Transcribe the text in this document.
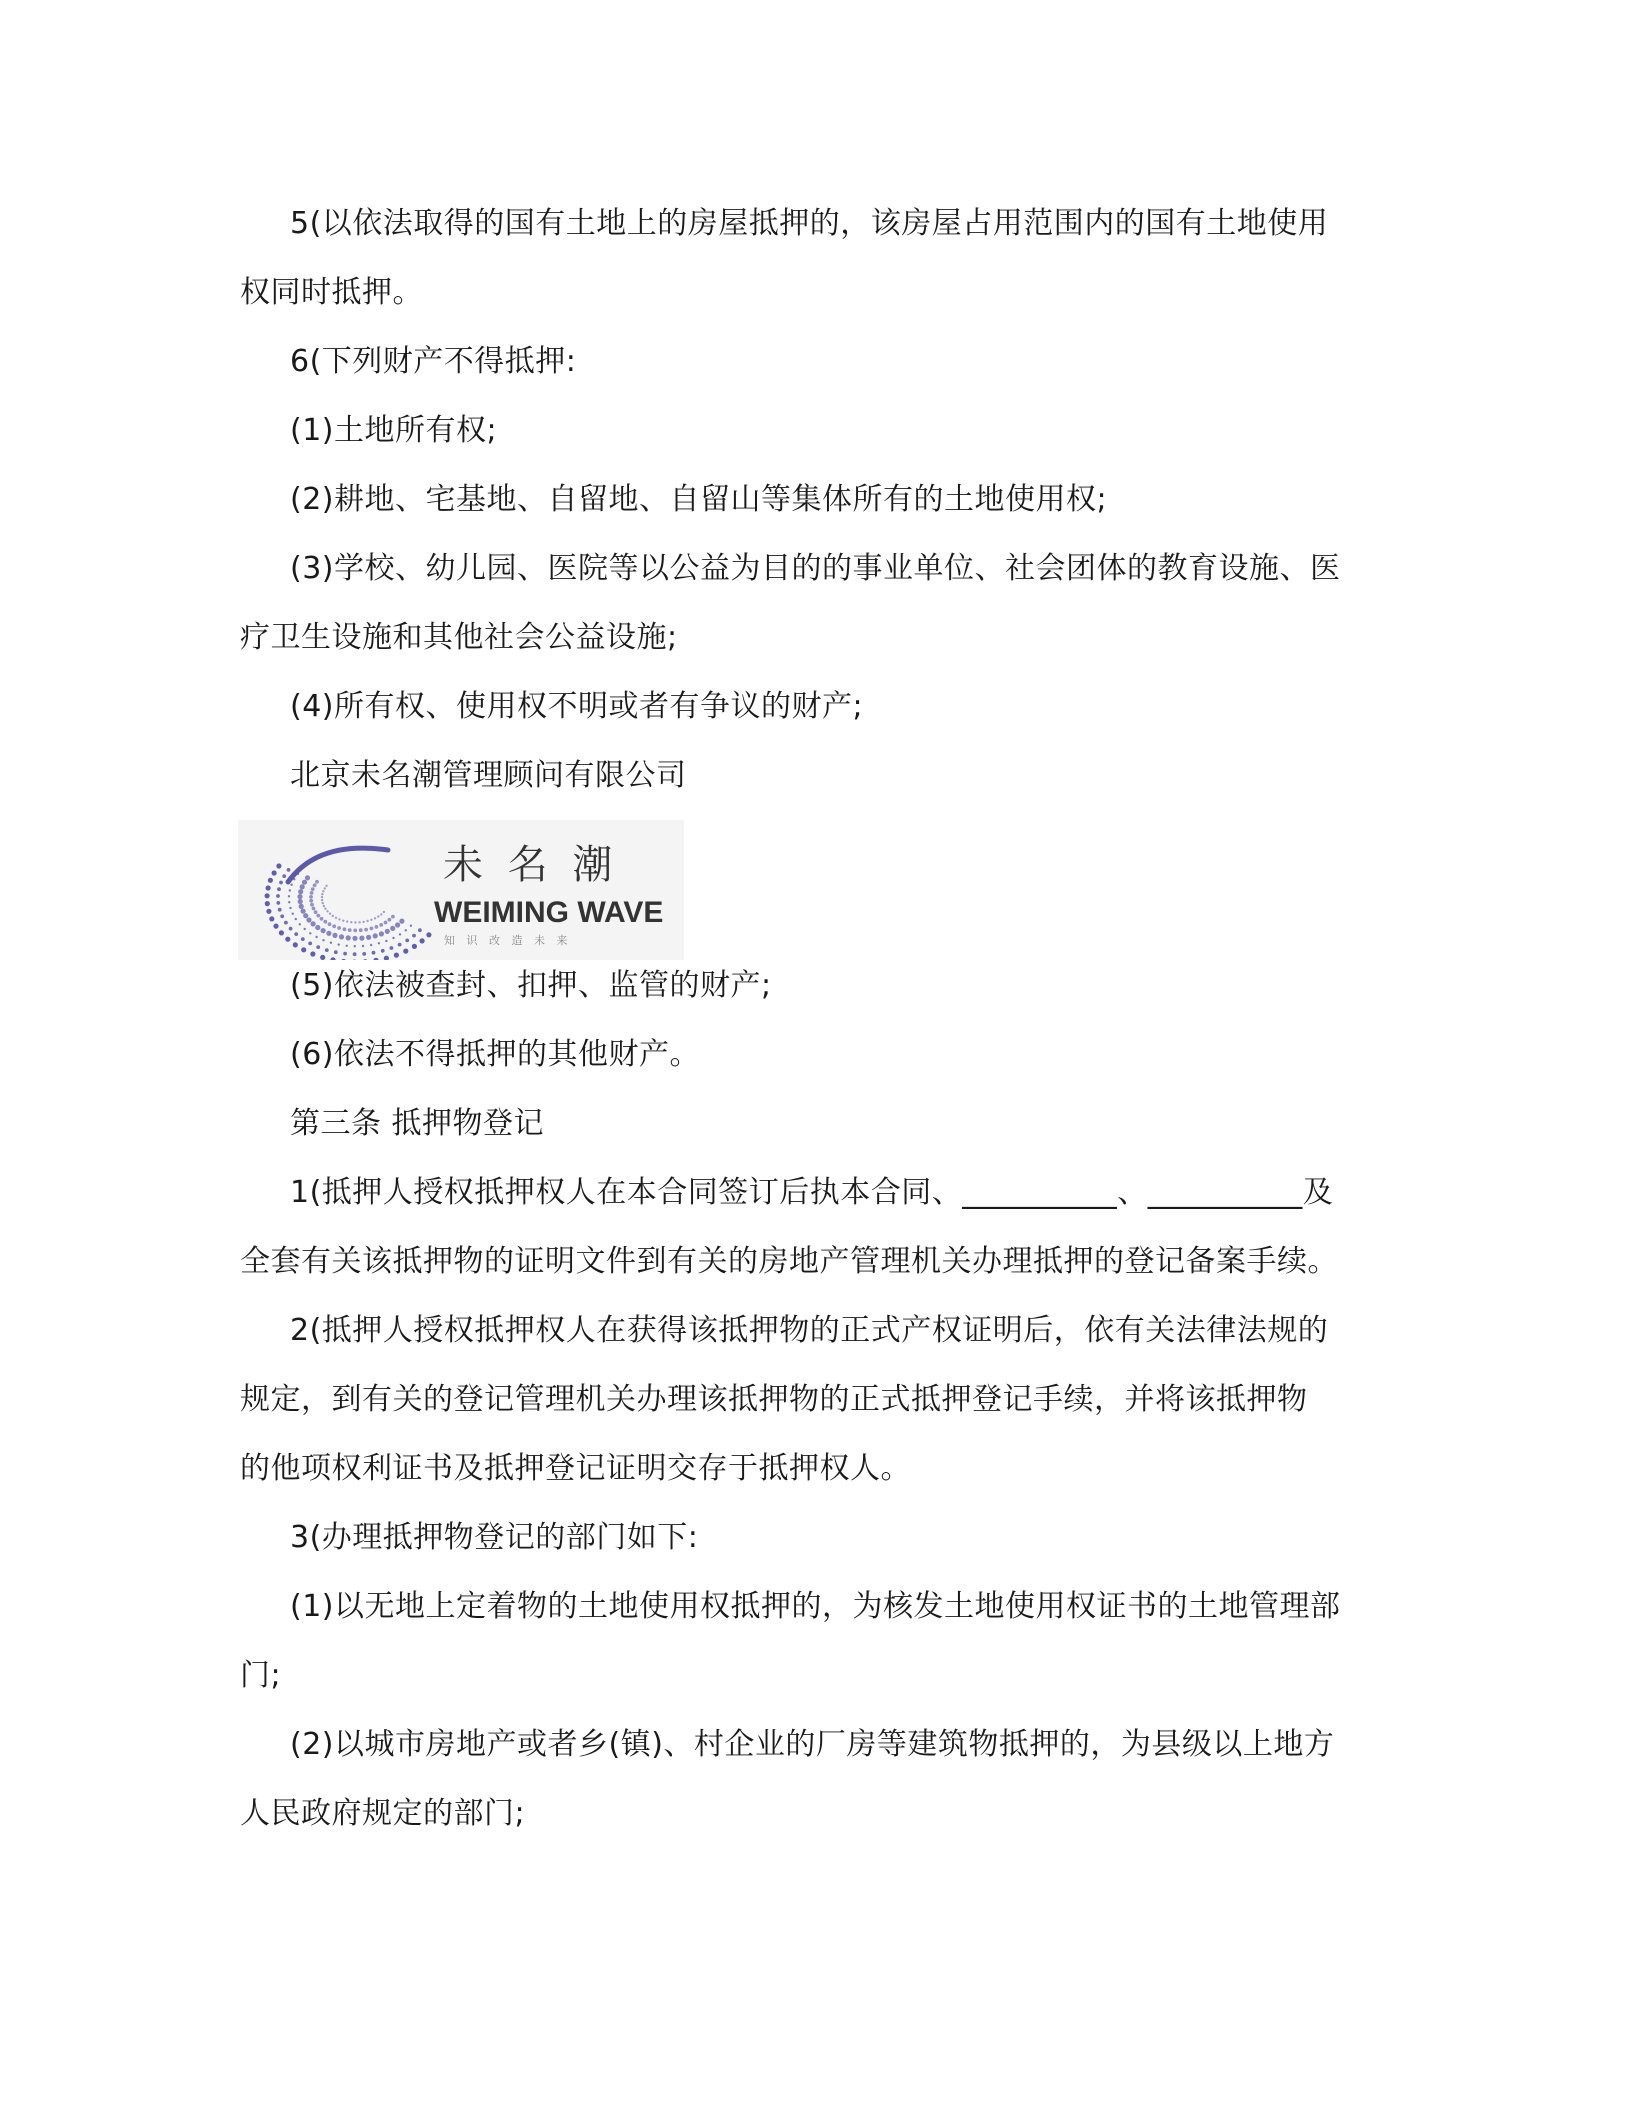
5(以依法取得的国有土地上的房屋抵押的，该房屋占用范围内的国有土地使用
权同时抵押。
6(下列财产不得抵押:
(1)土地所有权;
(2)耕地、宅基地、自留地、自留山等集体所有的土地使用权;
(3)学校、幼儿园、医院等以公益为目的的事业单位、社会团体的教育设施、医
疗卫生设施和其他社会公益设施;
(4)所有权、使用权不明或者有争议的财产;
北京未名潮管理顾问有限公司
未 名 潮
WEIMING WAVE
知 识 改 造 未 来
(5)依法被查封、扣押、监管的财产;
(6)依法不得抵押的其他财产。
第三条 抵押物登记
1(抵押人授权抵押权人在本合同签订后执本合同、__________、__________及
全套有关该抵押物的证明文件到有关的房地产管理机关办理抵押的登记备案手续。
2(抵押人授权抵押权人在获得该抵押物的正式产权证明后，依有关法律法规的
规定，到有关的登记管理机关办理该抵押物的正式抵押登记手续，并将该抵押物
的他项权利证书及抵押登记证明交存于抵押权人。
3(办理抵押物登记的部门如下:
(1)以无地上定着物的土地使用权抵押的，为核发土地使用权证书的土地管理部
门;
(2)以城市房地产或者乡(镇)、村企业的厂房等建筑物抵押的，为县级以上地方
人民政府规定的部门;
